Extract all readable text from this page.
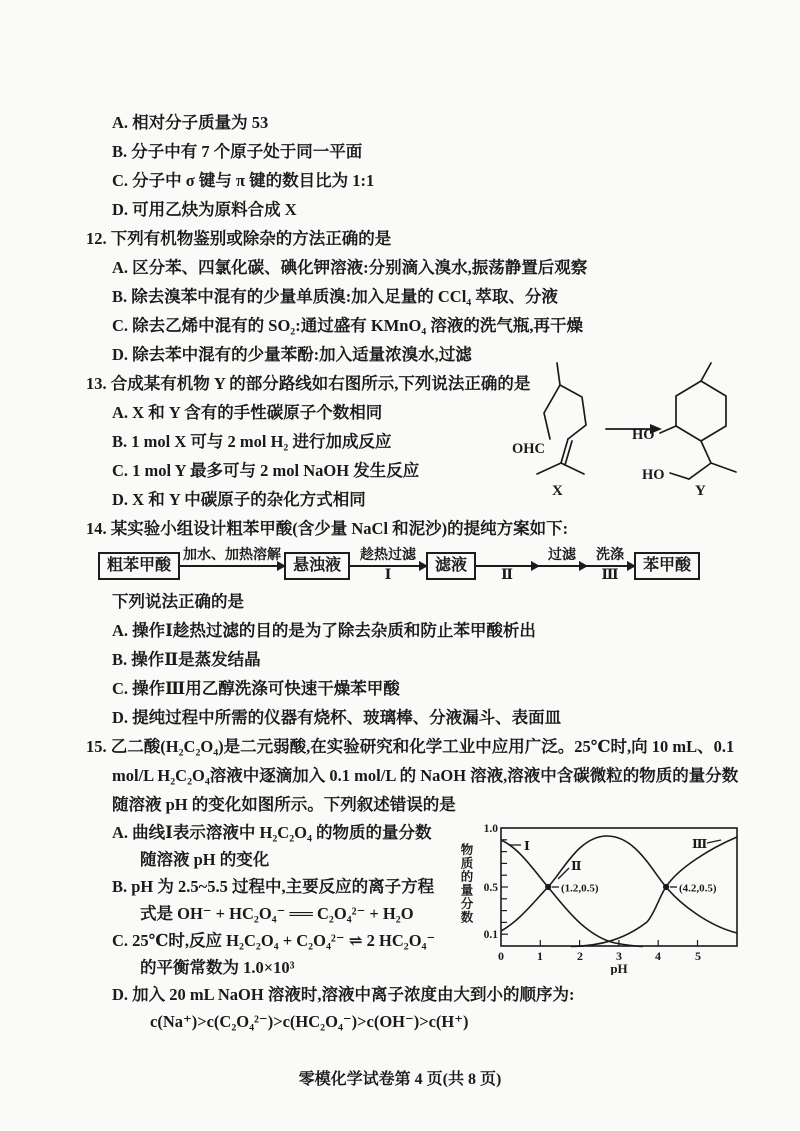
A. 相对分子质量为 53
B. 分子中有 7 个原子处于同一平面
C. 分子中 σ 键与 π 键的数目比为 1:1
D. 可用乙炔为原料合成 X
12. 下列有机物鉴别或除杂的方法正确的是
A. 区分苯、四氯化碳、碘化钾溶液:分别滴入溴水,振荡静置后观察
B. 除去溴苯中混有的少量单质溴:加入足量的 CCl₄ 萃取、分液
C. 除去乙烯中混有的 SO₂:通过盛有 KMnO₄ 溶液的洗气瓶,再干燥
D. 除去苯中混有的少量苯酚:加入适量浓溴水,过滤
13. 合成某有机物 Y 的部分路线如右图所示,下列说法正确的是
A. X 和 Y 含有的手性碳原子个数相同
B. 1 mol X 可与 2 mol H₂ 进行加成反应
C. 1 mol Y 最多可与 2 mol NaOH 发生反应
D. X 和 Y 中碳原子的杂化方式相同
OHC
X
HO
HO
Y
14. 某实验小组设计粗苯甲酸(含少量 NaCl 和泥沙)的提纯方案如下:
粗苯甲酸
加水、加热溶解
悬浊液
趁热过滤
Ⅰ
滤液
Ⅱ
过滤	洗涤
Ⅲ
苯甲酸
下列说法正确的是
A. 操作Ⅰ趁热过滤的目的是为了除去杂质和防止苯甲酸析出
B. 操作Ⅱ是蒸发结晶
C. 操作Ⅲ用乙醇洗涤可快速干燥苯甲酸
D. 提纯过程中所需的仪器有烧杯、玻璃棒、分液漏斗、表面皿
15. 乙二酸(H₂C₂O₄)是二元弱酸,在实验研究和化学工业中应用广泛。25℃时,向 10 mL、0.1 mol/L H₂C₂O₄溶液中逐滴加入 0.1 mol/L 的 NaOH 溶液,溶液中含碳微粒的物质的量分数随溶液 pH 的变化如图所示。下列叙述错误的是
物质的量分数
1.0
0.5
0.1
0	1	2	3	4	5
pH
Ⅰ
Ⅱ
Ⅲ
(1.2,0.5)	(4.2,0.5)
A. 曲线Ⅰ表示溶液中 H₂C₂O₄ 的物质的量分数随溶液 pH 的变化
B. pH 为 2.5~5.5 过程中,主要反应的离子方程式是 OH⁻ + HC₂O₄⁻ ══ C₂O₄²⁻ + H₂O
C. 25℃时,反应 H₂C₂O₄ + C₂O₄²⁻ ⇌ 2 HC₂O₄⁻ 的平衡常数为 1.0×10³
D. 加入 20 mL NaOH 溶液时,溶液中离子浓度由大到小的顺序为:
c(Na⁺)>c(C₂O₄²⁻)>c(HC₂O₄⁻)>c(OH⁻)>c(H⁺)
零模化学试卷第 4 页(共 8 页)
